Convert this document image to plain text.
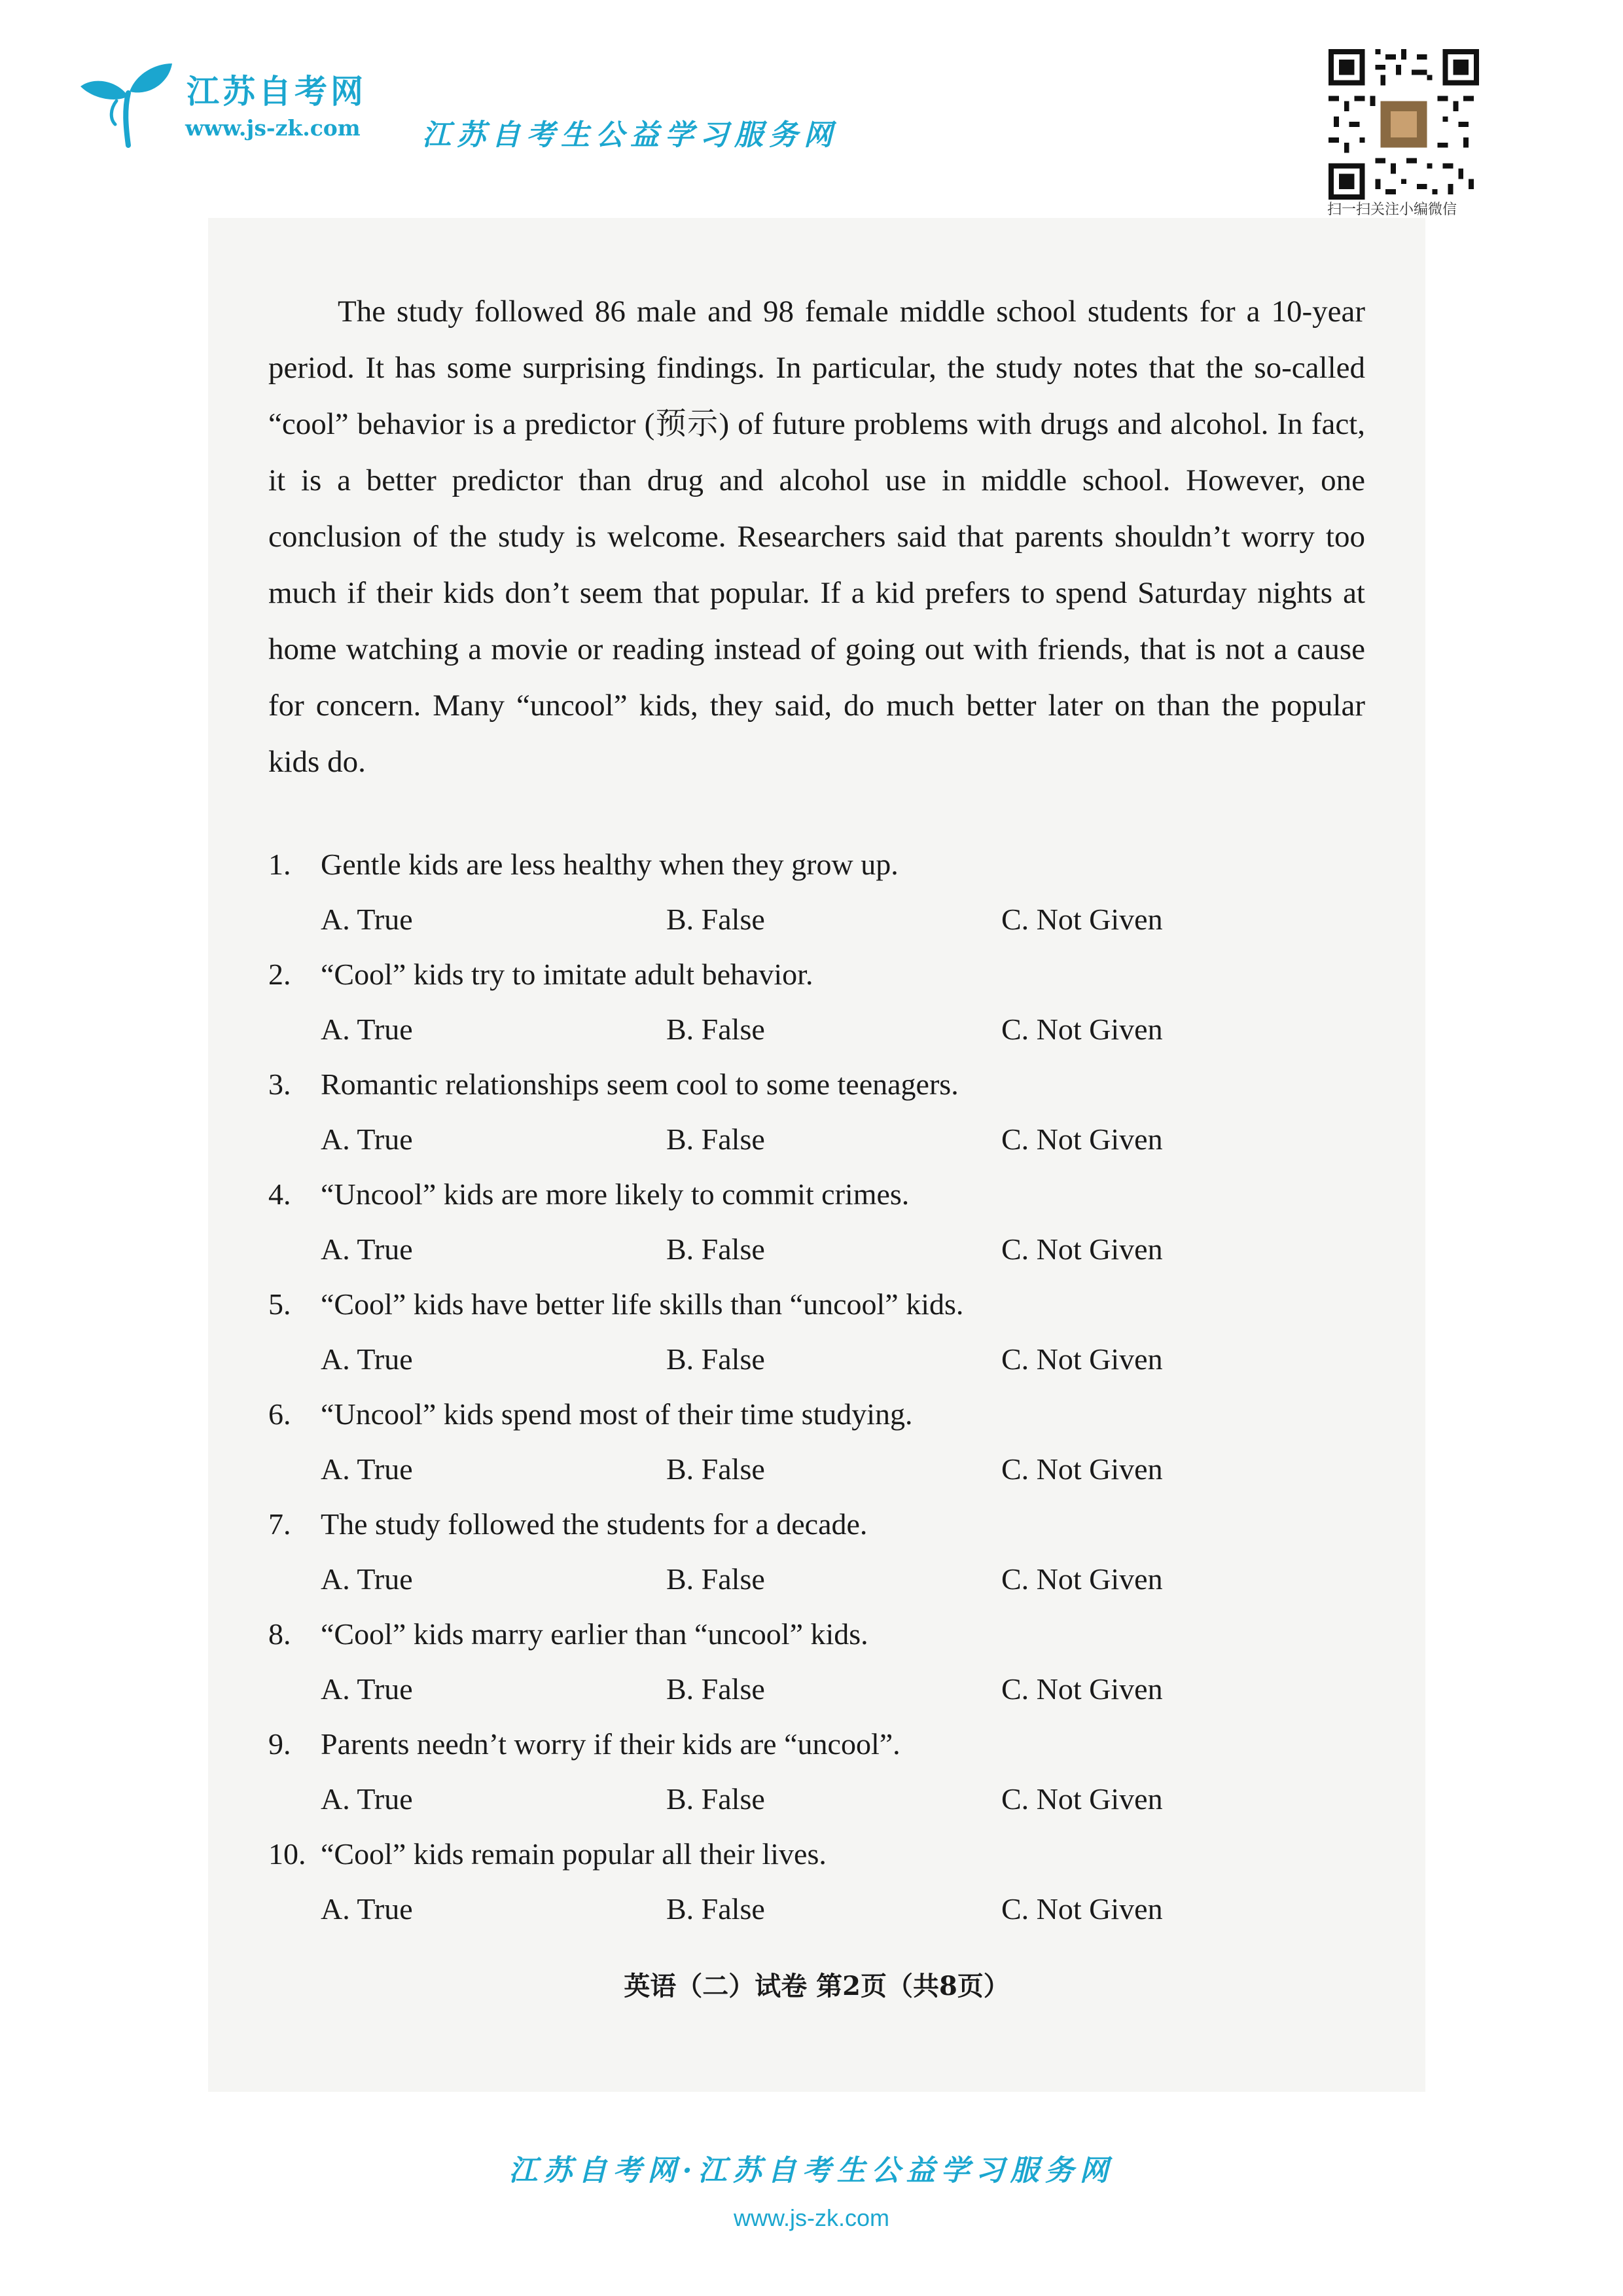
江苏自考网
www.js-zk.com 江苏自考生公益学习服务网
扫一扫关注小编微信

The study followed 86 male and 98 female middle school students for a 10-year period. It has some surprising findings. In particular, the study notes that the so-called “cool” behavior is a predictor (预示) of future problems with drugs and alcohol. In fact, it is a better predictor than drug and alcohol use in middle school. However, one conclusion of the study is welcome. Researchers said that parents shouldn’t worry too much if their kids don’t seem that popular. If a kid prefers to spend Saturday nights at home watching a movie or reading instead of going out with friends, that is not a cause for concern. Many “uncool” kids, they said, do much better later on than the popular kids do.

1. Gentle kids are less healthy when they grow up.
A. True	B. False	C. Not Given
2. “Cool” kids try to imitate adult behavior.
A. True	B. False	C. Not Given
3. Romantic relationships seem cool to some teenagers.
A. True	B. False	C. Not Given
4. “Uncool” kids are more likely to commit crimes.
A. True	B. False	C. Not Given
5. “Cool” kids have better life skills than “uncool” kids.
A. True	B. False	C. Not Given
6. “Uncool” kids spend most of their time studying.
A. True	B. False	C. Not Given
7. The study followed the students for a decade.
A. True	B. False	C. Not Given
8. “Cool” kids marry earlier than “uncool” kids.
A. True	B. False	C. Not Given
9. Parents needn’t worry if their kids are “uncool”.
A. True	B. False	C. Not Given
10. “Cool” kids remain popular all their lives.
A. True	B. False	C. Not Given
英语（二）试卷 第2页（共8页）
江苏自考网·江苏自考生公益学习服务网
www.js-zk.com
